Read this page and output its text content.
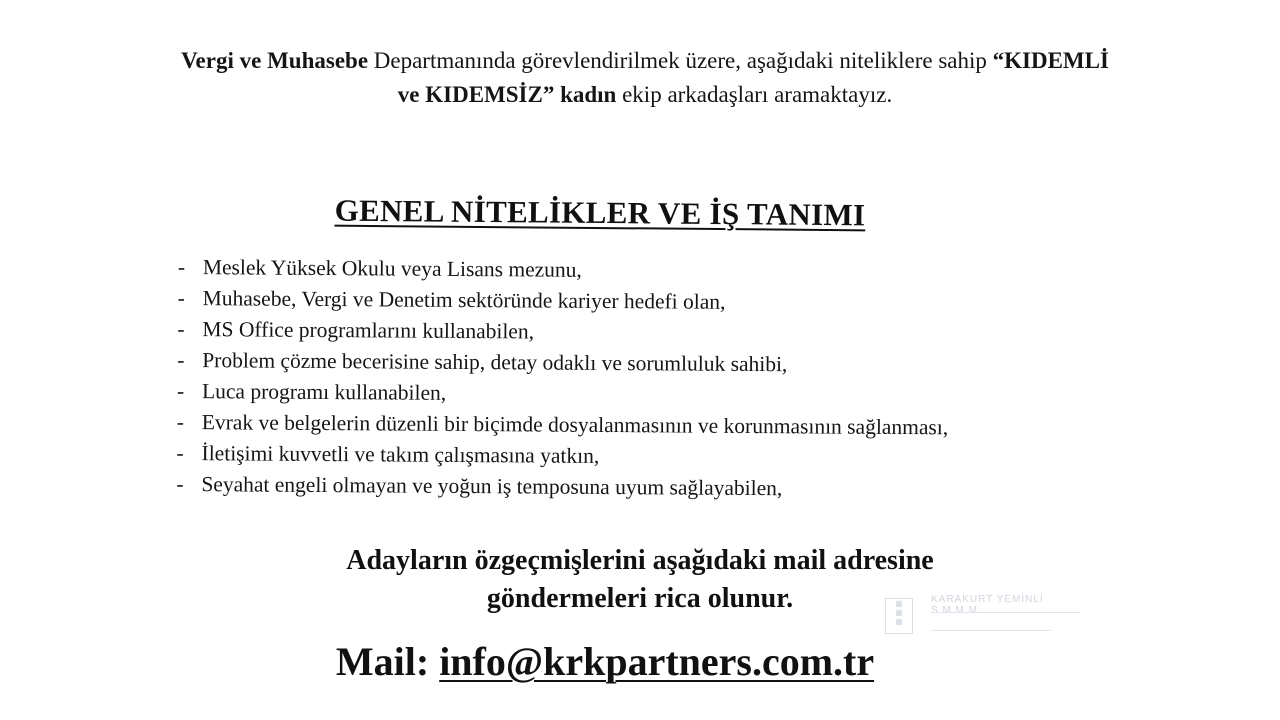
Vergi ve Muhasebe Departmanında görevlendirilmek üzere, aşağıdaki niteliklere sahip “KIDEMLİ ve KIDEMSİZ” kadın ekip arkadaşları aramaktayız.
GENEL NİTELİKLER VE İŞ TANIMI
- Meslek Yüksek Okulu veya Lisans mezunu,
- Muhasebe, Vergi ve Denetim sektöründe kariyer hedefi olan,
- MS Office programlarını kullanabilen,
- Problem çözme becerisine sahip, detay odaklı ve sorumluluk sahibi,
- Luca programı kullanabilen,
- Evrak ve belgelerin düzenli bir biçimde dosyalanmasının ve korunmasının sağlanması,
- İletişimi kuvvetli ve takım çalışmasına yatkın,
- Seyahat engeli olmayan ve yoğun iş temposuna uyum sağlayabilen,
Adayların özgeçmişlerini aşağıdaki mail adresine
göndermeleri rica olunur.	▦
▦
▦
KARAKURT YEMİNLİ S.M.M.M
Mail: info@krkpartners.com.tr
